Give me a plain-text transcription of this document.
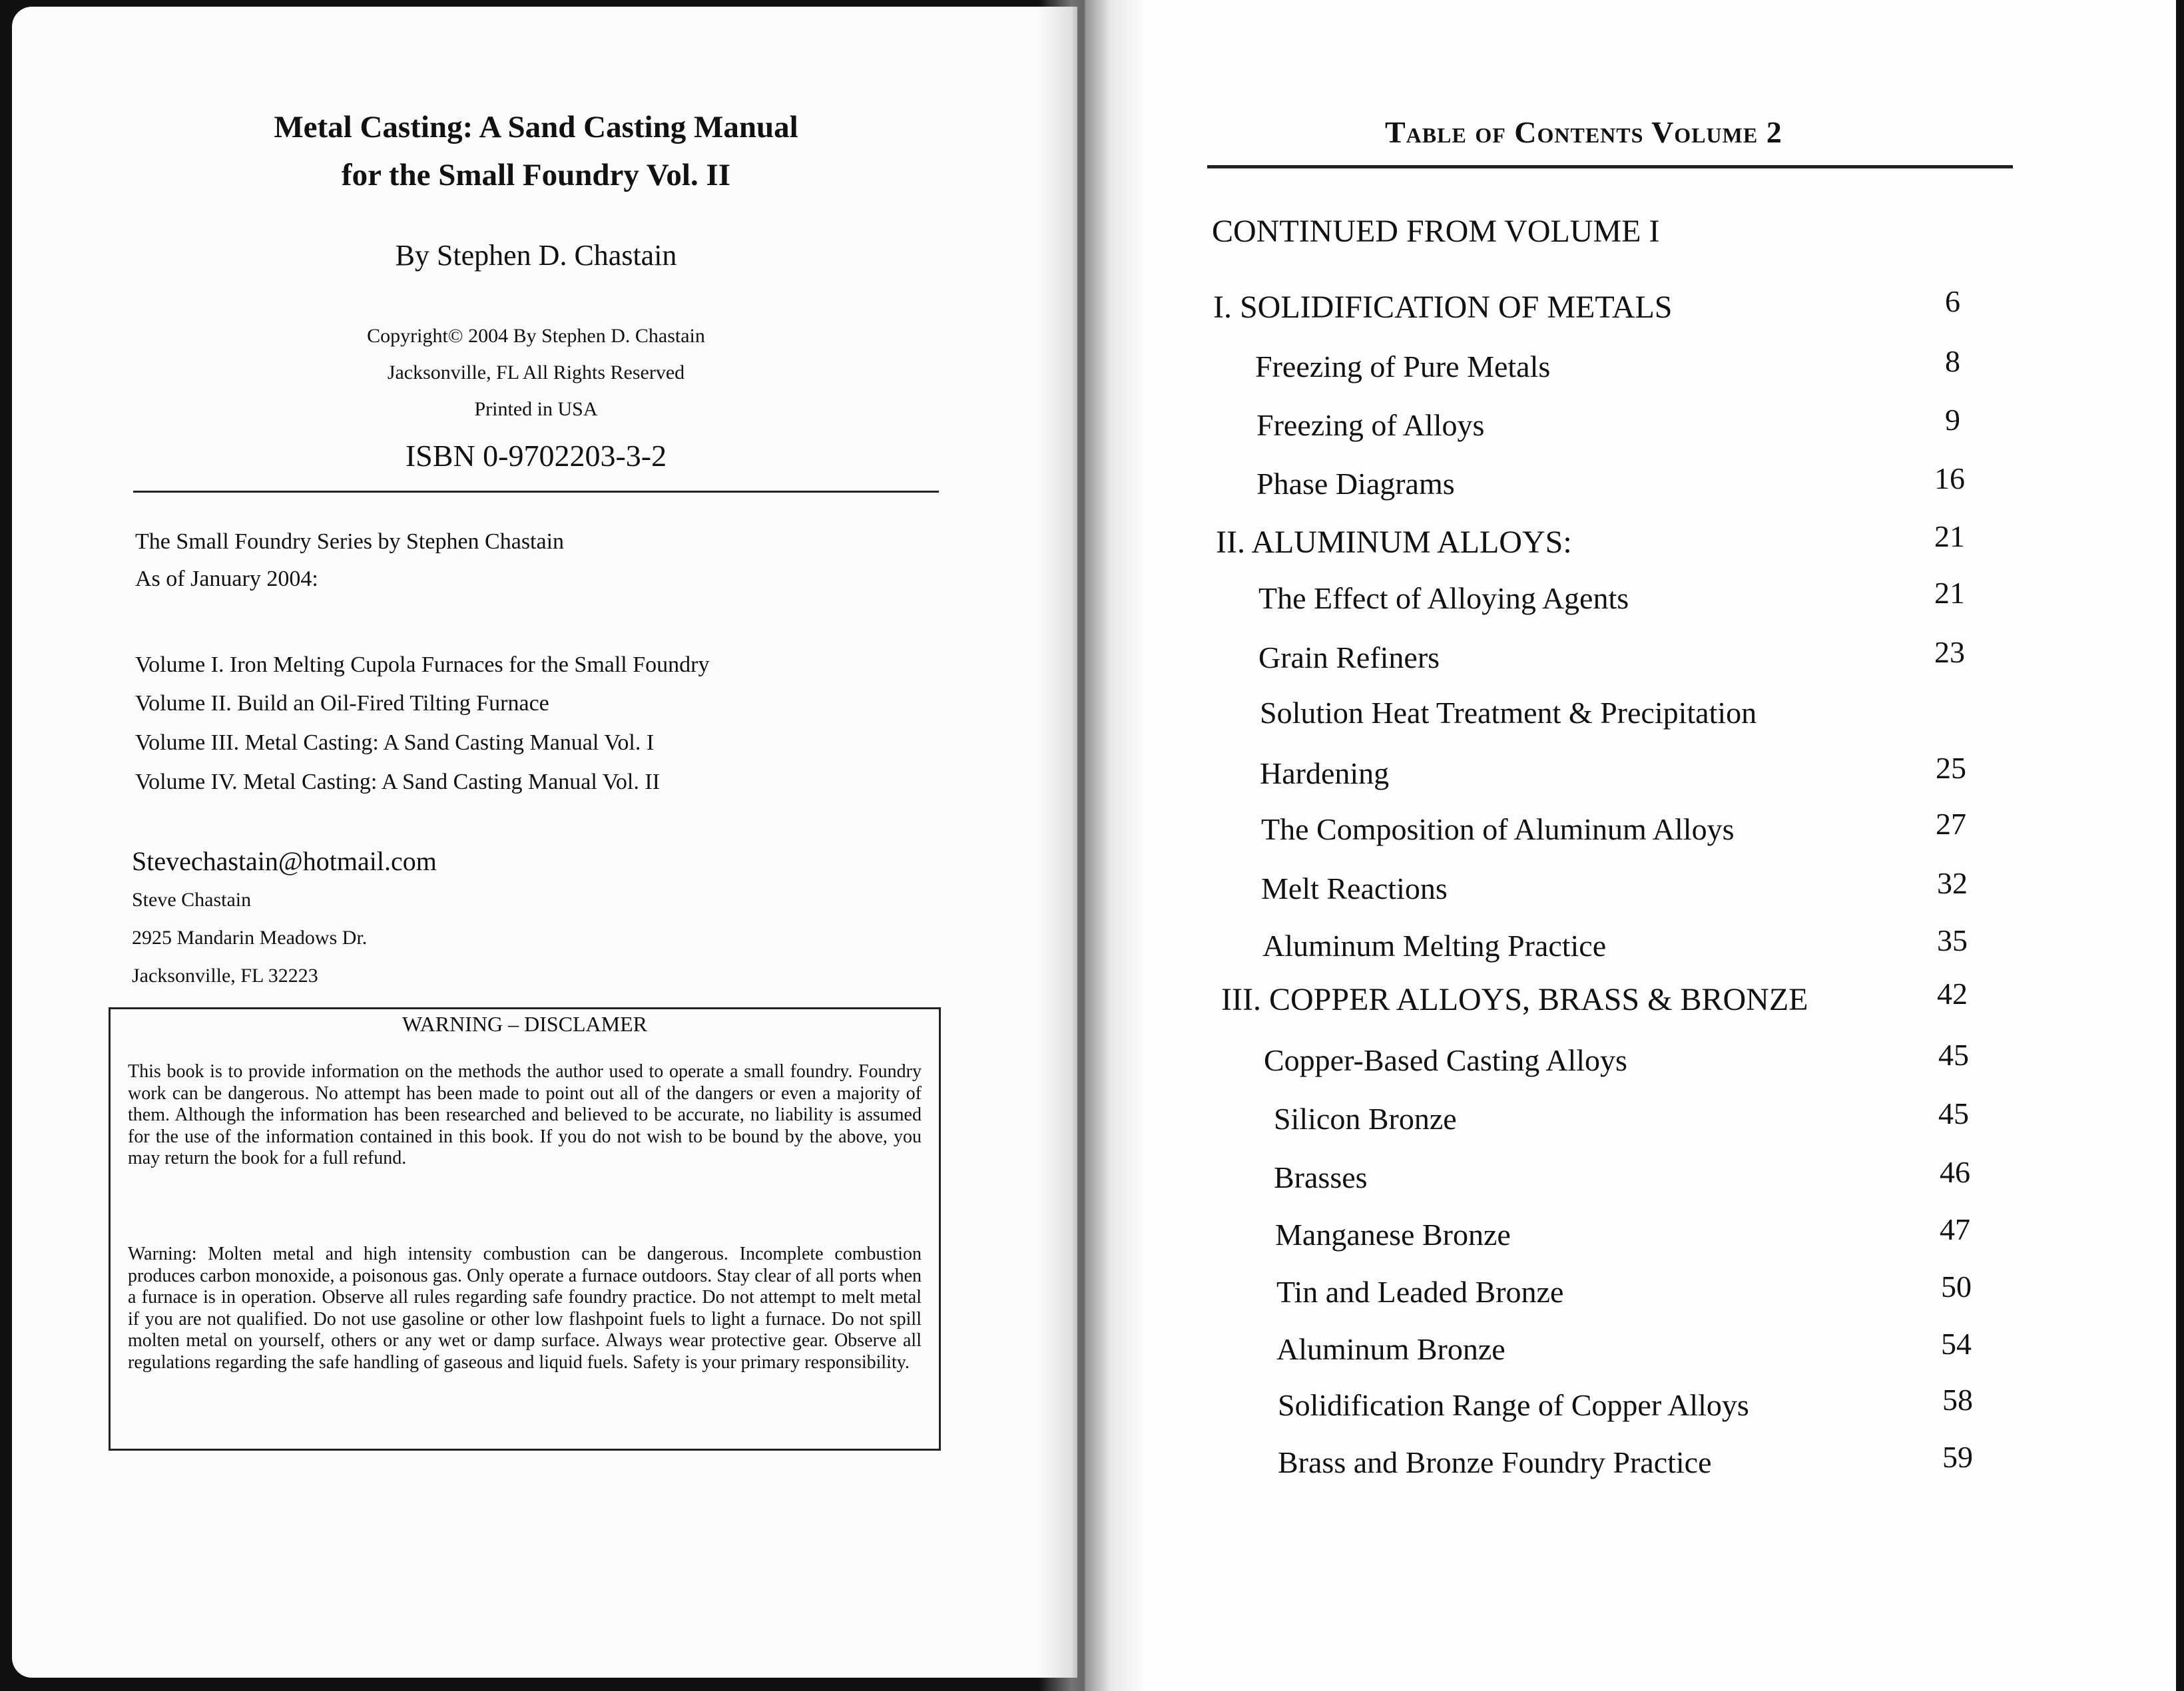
Metal Casting: A Sand Casting Manual
for the Small Foundry Vol. II
By Stephen D. Chastain
Copyright© 2004 By Stephen D. Chastain
Jacksonville, FL All Rights Reserved
Printed in USA
ISBN 0-9702203-3-2
The Small Foundry Series by Stephen Chastain
As of January 2004:
Volume I. Iron Melting Cupola Furnaces for the Small Foundry
Volume II. Build an Oil-Fired Tilting Furnace
Volume III. Metal Casting: A Sand Casting Manual Vol. I
Volume IV. Metal Casting: A Sand Casting Manual Vol. II
Stevechastain@hotmail.com
Steve Chastain
2925 Mandarin Meadows Dr.
Jacksonville, FL 32223
WARNING – DISCLAMER
This book is to provide information on the methods the author used to operate a small foundry. Foundry work can be dangerous. No attempt has been made to point out all of the dangers or even a majority of them. Although the information has been researched and believed to be accurate, no liability is assumed for the use of the information contained in this book. If you do not wish to be bound by the above, you may return the book for a full refund.
Warning: Molten metal and high intensity combustion can be dangerous. Incomplete combustion produces carbon monoxide, a poisonous gas. Only operate a furnace outdoors. Stay clear of all ports when a furnace is in operation. Observe all rules regarding safe foundry practice. Do not attempt to melt metal if you are not qualified. Do not use gasoline or other low flashpoint fuels to light a furnace. Do not spill molten metal on yourself, others or any wet or damp surface. Always wear protective gear. Observe all regulations regarding the safe handling of gaseous and liquid fuels. Safety is your primary responsibility.
Table of Contents Volume 2
CONTINUED FROM VOLUME I
I. SOLIDIFICATION OF METALS	6
Freezing of Pure Metals	8
Freezing of Alloys	9
Phase Diagrams	16
II. ALUMINUM ALLOYS:	21
The Effect of Alloying Agents	21
Grain Refiners	23
Solution Heat Treatment & Precipitation
Hardening	25
The Composition of Aluminum Alloys	27
Melt Reactions	32
Aluminum Melting Practice	35
III. COPPER ALLOYS, BRASS & BRONZE	42
Copper-Based Casting Alloys	45
Silicon Bronze	45
Brasses	46
Manganese Bronze	47
Tin and Leaded Bronze	50
Aluminum Bronze	54
Solidification Range of Copper Alloys	58
Brass and Bronze Foundry Practice	59
